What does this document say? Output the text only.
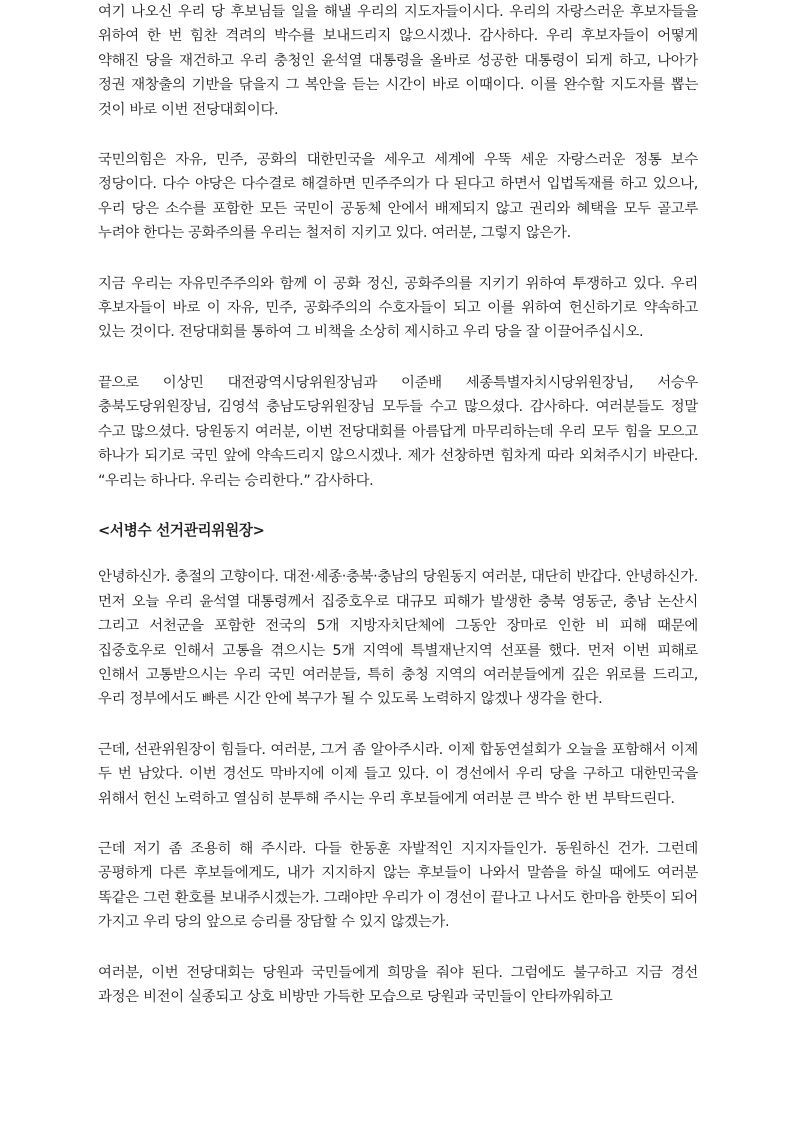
여기 나오신 우리 당 후보님들 일을 해낼 우리의 지도자들이시다. 우리의 자랑스러운 후보자들을 위하여 한 번 힘찬 격려의 박수를 보내드리지 않으시겠나. 감사하다. 우리 후보자들이 어떻게 약해진 당을 재건하고 우리 충청인 윤석열 대통령을 올바로 성공한 대통령이 되게 하고, 나아가 정권 재창출의 기반을 닦을지 그 복안을 듣는 시간이 바로 이때이다. 이를 완수할 지도자를 뽑는 것이 바로 이번 전당대회이다.

국민의힘은 자유, 민주, 공화의 대한민국을 세우고 세계에 우뚝 세운 자랑스러운 정통 보수 정당이다. 다수 야당은 다수결로 해결하면 민주주의가 다 된다고 하면서 입법독재를 하고 있으나, 우리 당은 소수를 포함한 모든 국민이 공동체 안에서 배제되지 않고 권리와 혜택을 모두 골고루 누려야 한다는 공화주의를 우리는 철저히 지키고 있다. 여러분, 그렇지 않은가.

지금 우리는 자유민주주의와 함께 이 공화 정신, 공화주의를 지키기 위하여 투쟁하고 있다. 우리 후보자들이 바로 이 자유, 민주, 공화주의의 수호자들이 되고 이를 위하여 헌신하기로 약속하고 있는 것이다. 전당대회를 통하여 그 비책을 소상히 제시하고 우리 당을 잘 이끌어주십시오.

끝으로 이상민 대전광역시당위원장님과 이준배 세종특별자치시당위원장님, 서승우 충북도당위원장님, 김영석 충남도당위원장님 모두들 수고 많으셨다. 감사하다. 여러분들도 정말 수고 많으셨다. 당원동지 여러분, 이번 전당대회를 아름답게 마무리하는데 우리 모두 힘을 모으고 하나가 되기로 국민 앞에 약속드리지 않으시겠나. 제가 선창하면 힘차게 따라 외쳐주시기 바란다. “우리는 하나다. 우리는 승리한다.” 감사하다.

<서병수 선거관리위원장>

안녕하신가. 충절의 고향이다. 대전‧세종‧충북‧충남의 당원동지 여러분, 대단히 반갑다. 안녕하신가. 먼저 오늘 우리 윤석열 대통령께서 집중호우로 대규모 피해가 발생한 충북 영동군, 충남 논산시 그리고 서천군을 포함한 전국의 5개 지방자치단체에 그동안 장마로 인한 비 피해 때문에 집중호우로 인해서 고통을 겪으시는 5개 지역에 특별재난지역 선포를 했다. 먼저 이번 피해로 인해서 고통받으시는 우리 국민 여러분들, 특히 충청 지역의 여러분들에게 깊은 위로를 드리고, 우리 정부에서도 빠른 시간 안에 복구가 될 수 있도록 노력하지 않겠나 생각을 한다.

근데, 선관위원장이 힘들다. 여러분, 그거 좀 알아주시라. 이제 합동연설회가 오늘을 포함해서 이제 두 번 남았다. 이번 경선도 막바지에 이제 들고 있다. 이 경선에서 우리 당을 구하고 대한민국을 위해서 헌신 노력하고 열심히 분투해 주시는 우리 후보들에게 여러분 큰 박수 한 번 부탁드린다.

근데 저기 좀 조용히 해 주시라. 다들 한동훈 자발적인 지지자들인가. 동원하신 건가. 그런데 공평하게 다른 후보들에게도, 내가 지지하지 않는 후보들이 나와서 말씀을 하실 때에도 여러분 똑같은 그런 환호를 보내주시겠는가. 그래야만 우리가 이 경선이 끝나고 나서도 한마음 한뜻이 되어 가지고 우리 당의 앞으로 승리를 장담할 수 있지 않겠는가.

여러분, 이번 전당대회는 당원과 국민들에게 희망을 줘야 된다. 그럼에도 불구하고 지금 경선 과정은 비전이 실종되고 상호 비방만 가득한 모습으로 당원과 국민들이 안타까워하고
